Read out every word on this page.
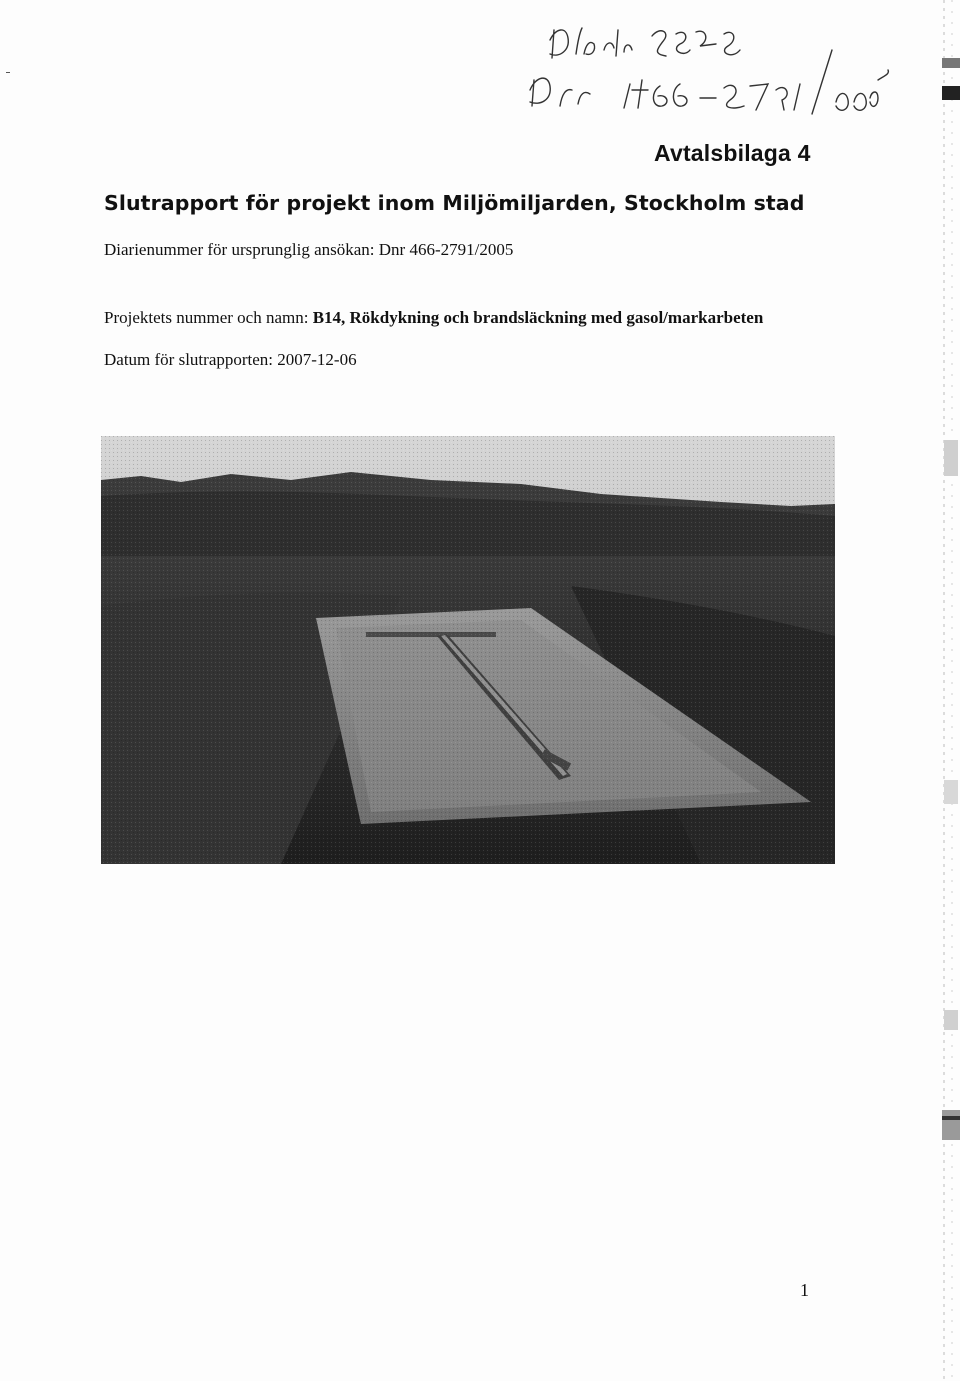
Avtalsbilaga 4
Slutrapport för projekt inom Miljömiljarden, Stockholm stad
Diarienummer för ursprunglig ansökan: Dnr 466-2791/2005
Projektets nummer och namn: B14, Rökdykning och brandsläckning med gasol/markarbeten
Datum för slutrapporten: 2007-12-06
1
